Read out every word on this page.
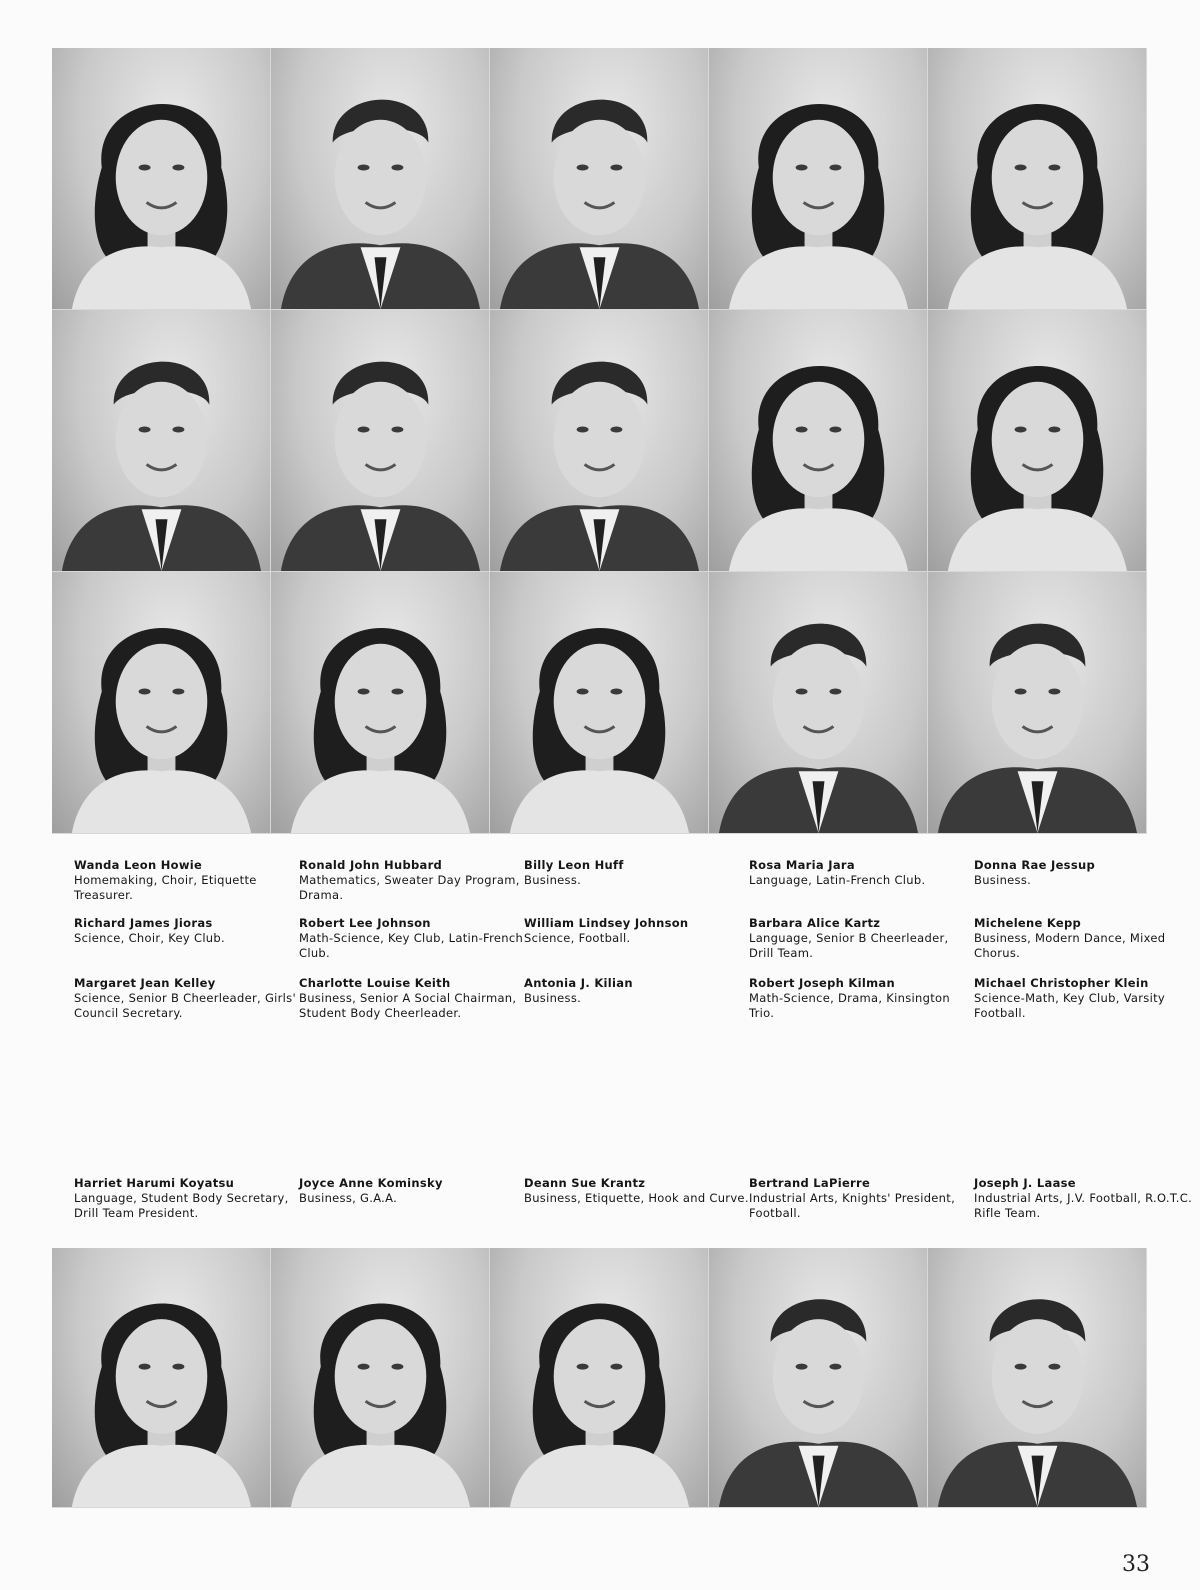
Wanda Leon Howie
Homemaking, Choir, Etiquette Treasurer.
Ronald John Hubbard
Mathematics, Sweater Day Program, Drama.
Billy Leon Huff
Business.
Rosa Maria Jara
Language, Latin-French Club.
Donna Rae Jessup
Business.
Richard James Jioras
Science, Choir, Key Club.
Robert Lee Johnson
Math-Science, Key Club, Latin-French Club.
William Lindsey Johnson
Science, Football.
Barbara Alice Kartz
Language, Senior B Cheerleader, Drill Team.
Michelene Kepp
Business, Modern Dance, Mixed Chorus.
Margaret Jean Kelley
Science, Senior B Cheerleader, Girls' Council Secretary.
Charlotte Louise Keith
Business, Senior A Social Chairman, Student Body Cheerleader.
Antonia J. Kilian
Business.
Robert Joseph Kilman
Math-Science, Drama, Kinsington Trio.
Michael Christopher Klein
Science-Math, Key Club, Varsity Football.
Harriet Harumi Koyatsu
Language, Student Body Secretary, Drill Team President.
Joyce Anne Kominsky
Business, G.A.A.
Deann Sue Krantz
Business, Etiquette, Hook and Curve.
Bertrand LaPierre
Industrial Arts, Knights' President, Football.
Joseph J. Laase
Industrial Arts, J.V. Football, R.O.T.C. Rifle Team.
33
